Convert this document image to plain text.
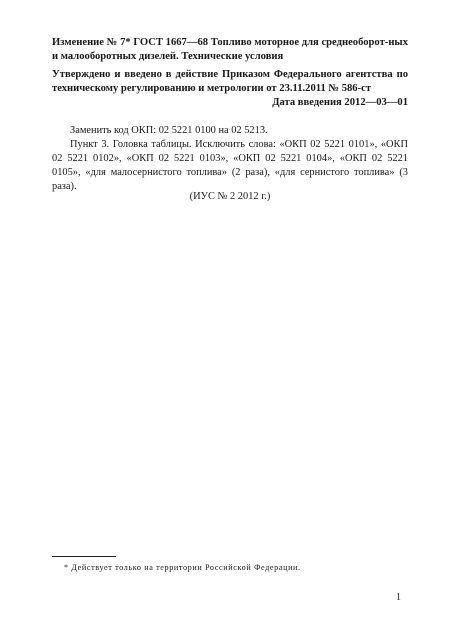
Изменение № 7* ГОСТ 1667—68 Топливо моторное для среднеоборот-ных и малооборотных дизелей. Технические условия

Утверждено и введено в действие Приказом Федерального агентства по техническому регулированию и метрологии от 23.11.2011 № 586-ст

Дата введения 2012—03—01

Заменить код ОКП: 02 5221 0100 на 02 5213.

Пункт 3. Головка таблицы. Исключить слова: «ОКП 02 5221 0101», «ОКП 02 5221 0102», «ОКП 02 5221 0103», «ОКП 02 5221 0104», «ОКП 02 5221 0105», «для малосернистого топлива» (2 раза), «для сернистого топлива» (3 раза).

(ИУС № 2 2012 г.)

* Действует только на территории Российской Федерации.

1
